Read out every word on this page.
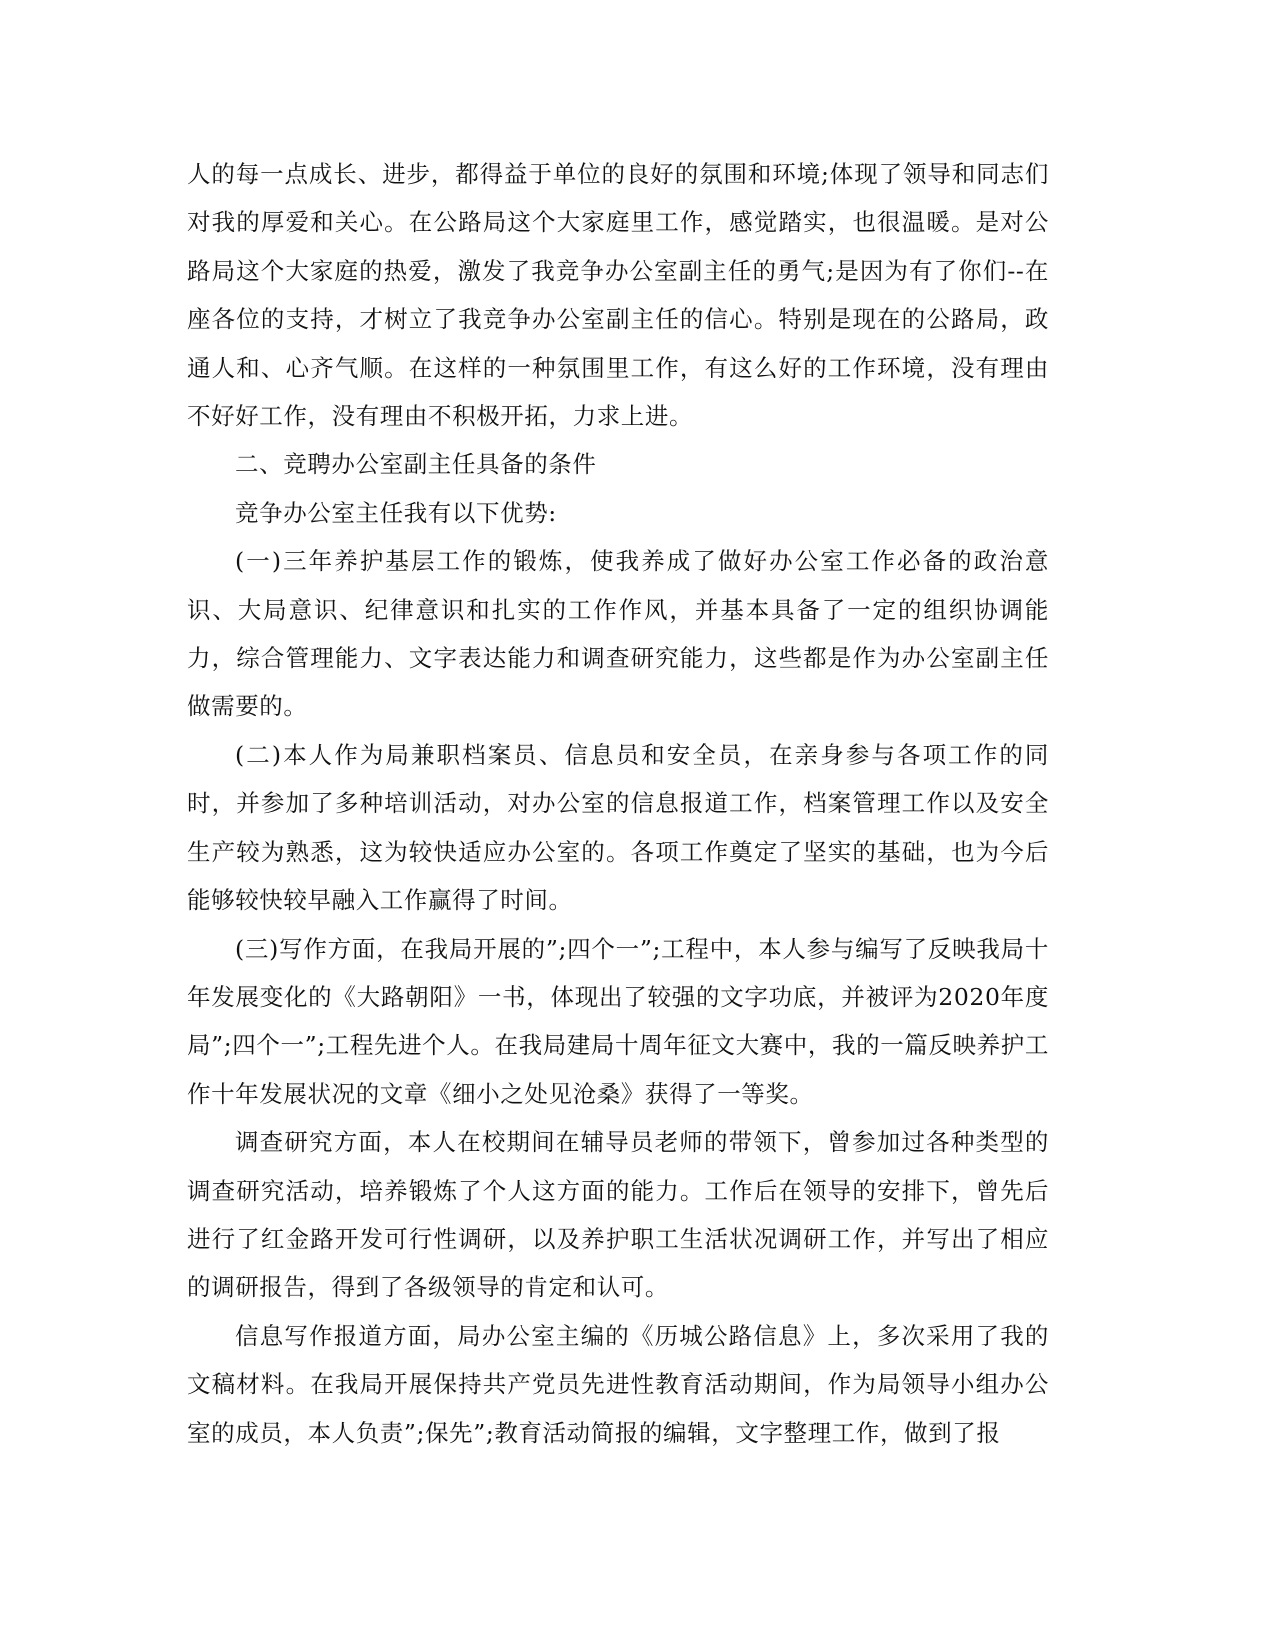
人的每一点成长、进步，都得益于单位的良好的氛围和环境;体现了领导和同志们对我的厚爱和关心。在公路局这个大家庭里工作，感觉踏实，也很温暖。是对公路局这个大家庭的热爱，激发了我竞争办公室副主任的勇气;是因为有了你们--在座各位的支持，才树立了我竞争办公室副主任的信心。特别是现在的公路局，政通人和、心齐气顺。在这样的一种氛围里工作，有这么好的工作环境，没有理由不好好工作，没有理由不积极开拓，力求上进。

二、竞聘办公室副主任具备的条件

竞争办公室主任我有以下优势:

(一)三年养护基层工作的锻炼，使我养成了做好办公室工作必备的政治意识、大局意识、纪律意识和扎实的工作作风，并基本具备了一定的组织协调能力，综合管理能力、文字表达能力和调查研究能力，这些都是作为办公室副主任做需要的。

(二)本人作为局兼职档案员、信息员和安全员，在亲身参与各项工作的同时，并参加了多种培训活动，对办公室的信息报道工作，档案管理工作以及安全生产较为熟悉，这为较快适应办公室的。各项工作奠定了坚实的基础，也为今后能够较快较早融入工作赢得了时间。

(三)写作方面，在我局开展的”;四个一”;工程中，本人参与编写了反映我局十年发展变化的《大路朝阳》一书，体现出了较强的文字功底，并被评为2020年度局”;四个一”;工程先进个人。在我局建局十周年征文大赛中，我的一篇反映养护工作十年发展状况的文章《细小之处见沧桑》获得了一等奖。

调查研究方面，本人在校期间在辅导员老师的带领下，曾参加过各种类型的调查研究活动，培养锻炼了个人这方面的能力。工作后在领导的安排下，曾先后进行了红金路开发可行性调研，以及养护职工生活状况调研工作，并写出了相应的调研报告，得到了各级领导的肯定和认可。

信息写作报道方面，局办公室主编的《历城公路信息》上，多次采用了我的文稿材料。在我局开展保持共产党员先进性教育活动期间，作为局领导小组办公室的成员，本人负责”;保先”;教育活动简报的编辑，文字整理工作，做到了报
